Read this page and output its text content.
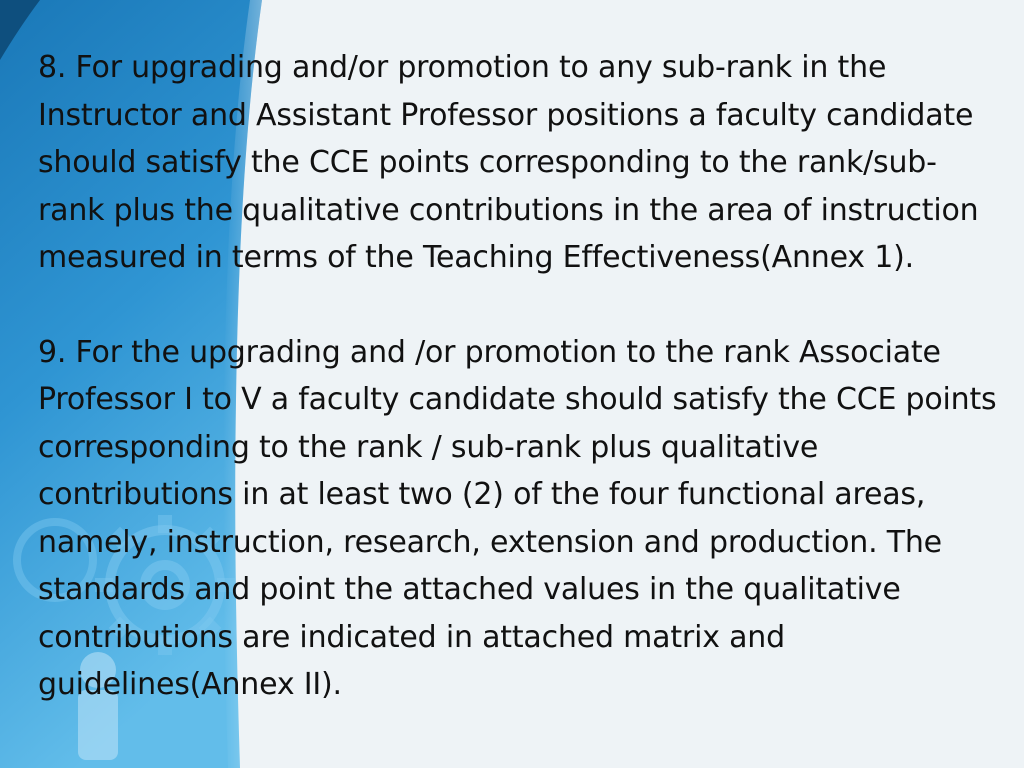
8. For upgrading and/or promotion to any sub-rank in the Instructor and Assistant Professor positions a faculty candidate should satisfy the CCE points corresponding to the rank/sub-rank plus the qualitative contributions in the area of instruction measured in terms of the Teaching Effectiveness(Annex 1).

9. For the upgrading and /or promotion to the rank Associate Professor I to V a faculty candidate should satisfy the CCE points corresponding to the rank / sub-rank plus qualitative contributions in at least two (2) of the four functional areas, namely, instruction, research, extension and production. The standards and point the attached values in the qualitative contributions are indicated in attached matrix and guidelines(Annex II).
